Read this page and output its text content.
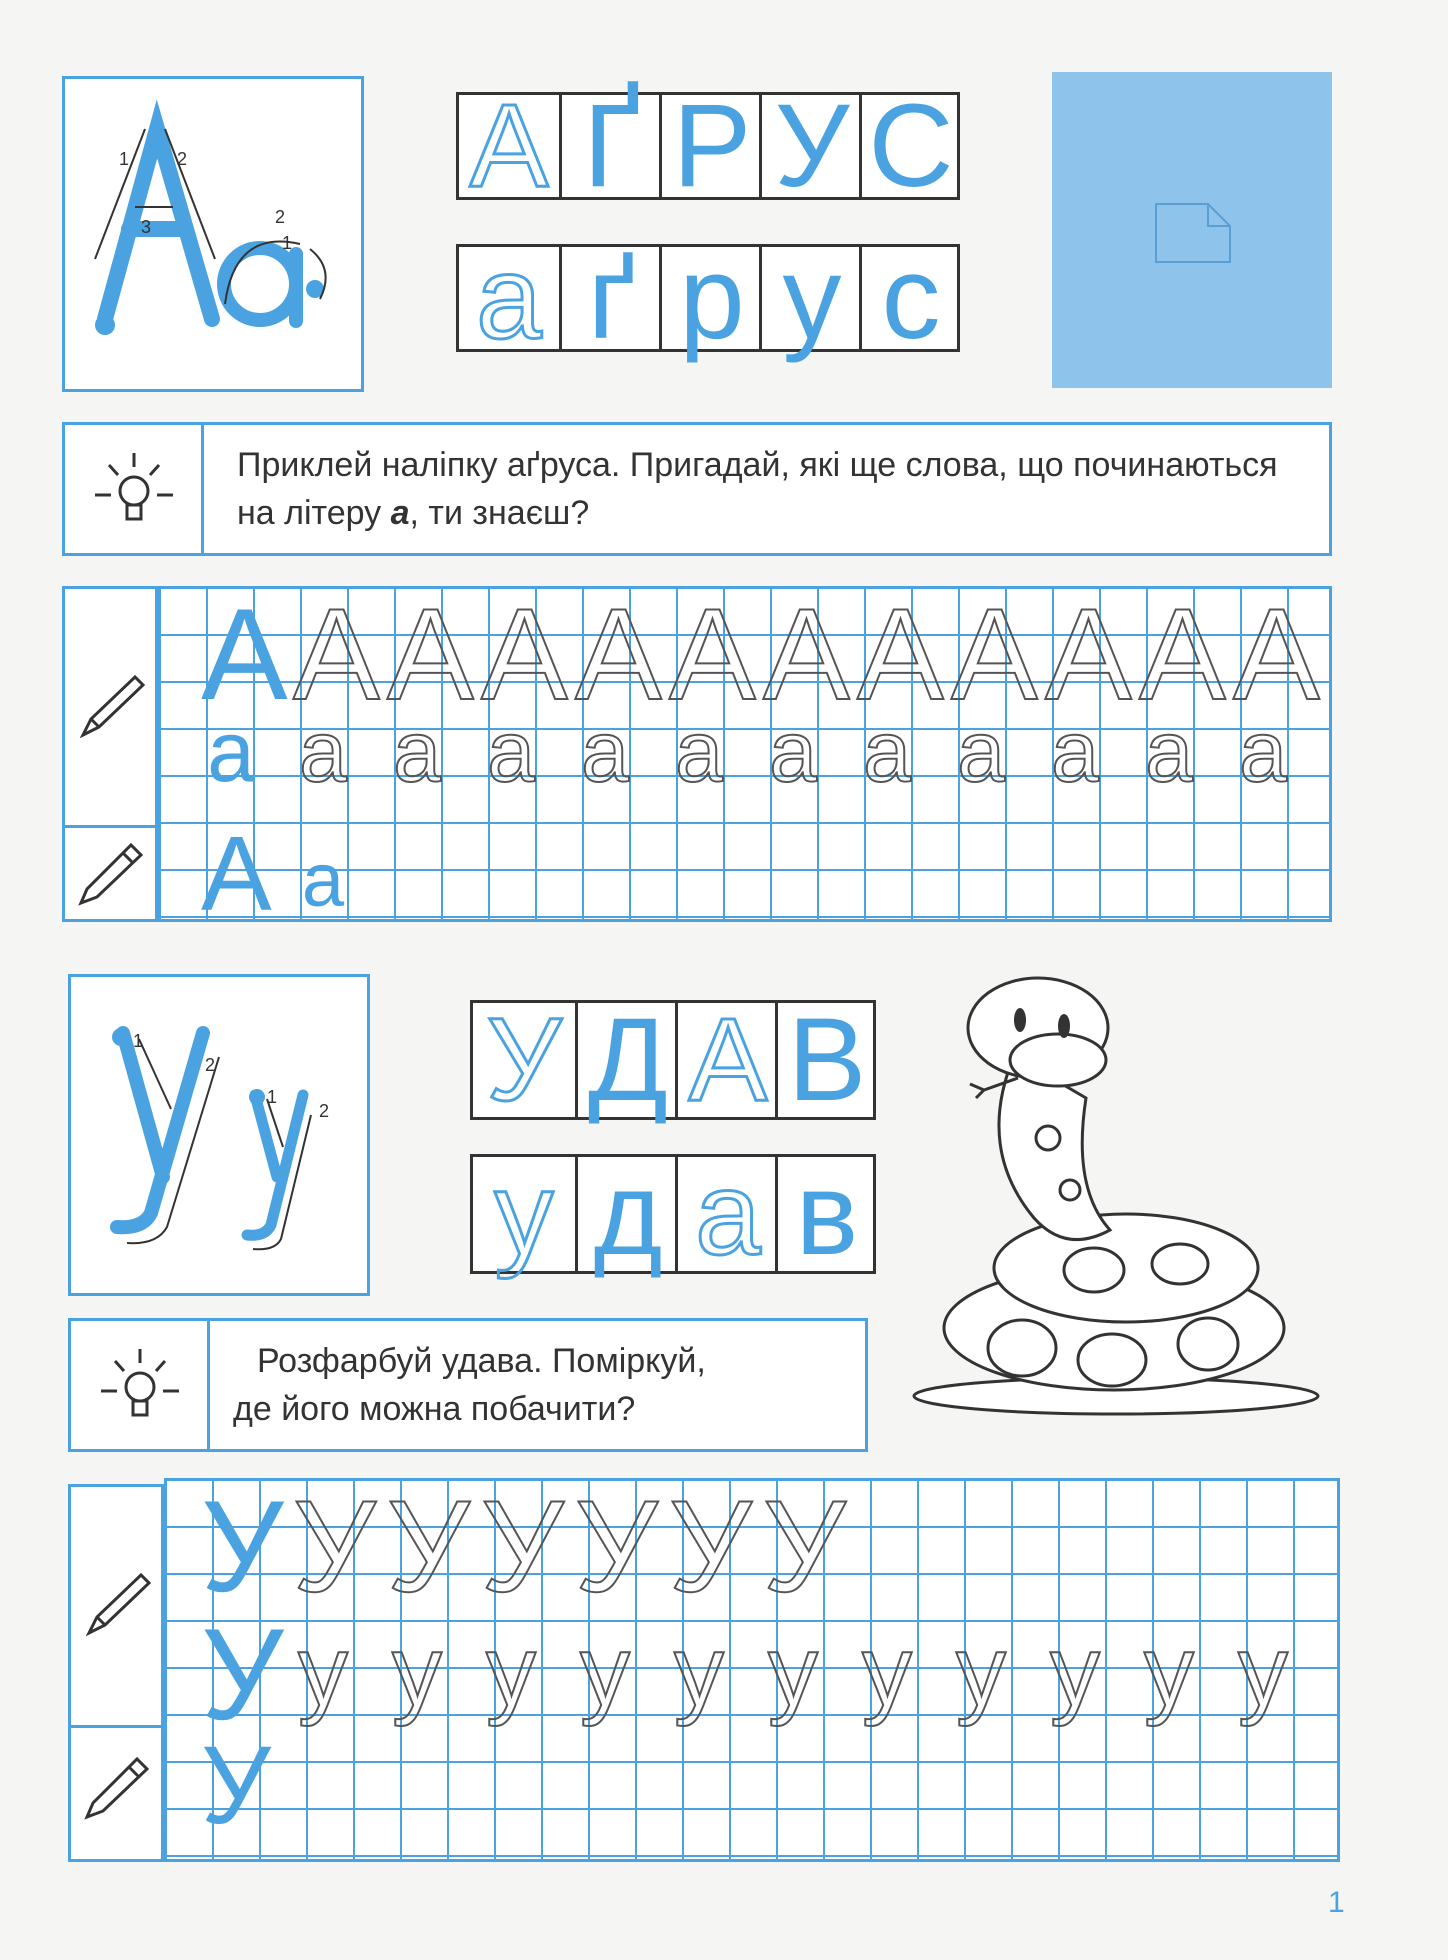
1	2
3	2
1
А Ґ Р У С
а ґ р у с
Приклей наліпку аґруса. Пригадай, які ще слова, що починаються на літеру а, ти знаєш?
А А А А А А А А А А А А
а а а а а а а а а а а а
А а
1
2
1
2 У Д А В
у д а в
Розфарбуй удава. Поміркуй,
де його можна побачити?
У У У У У У У
У у у у у у у у у у у у
У
1
